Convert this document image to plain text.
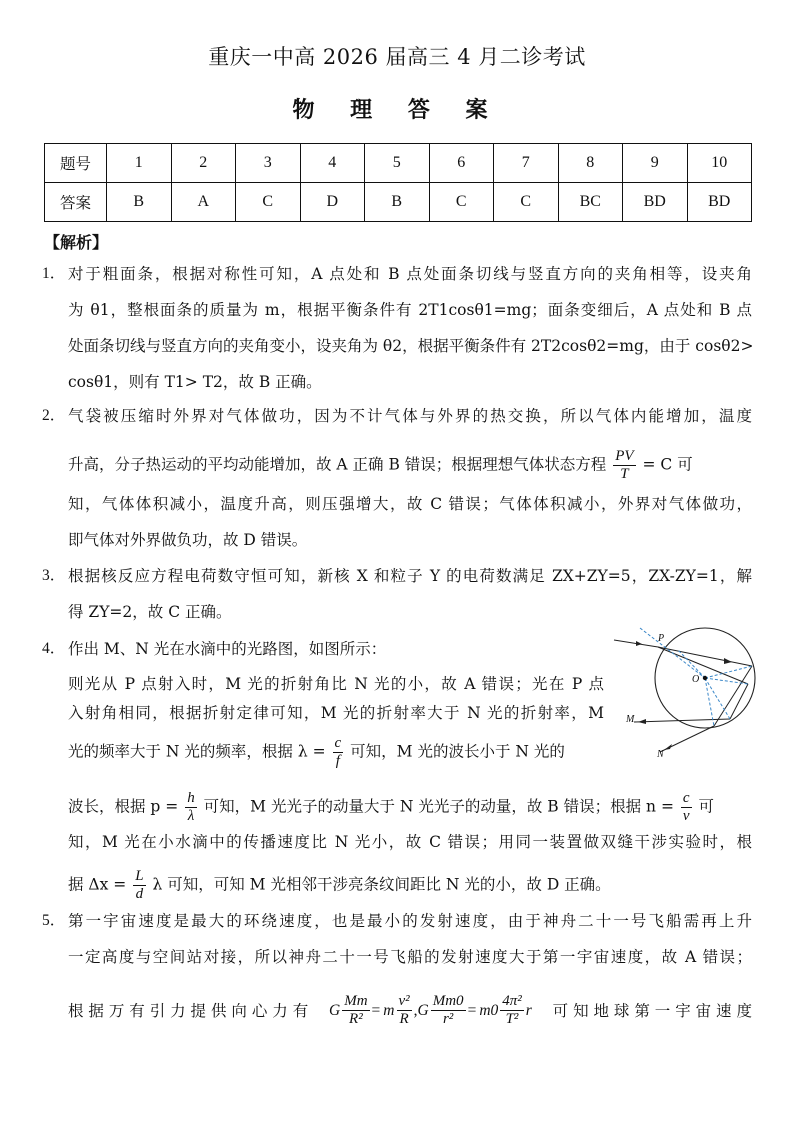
重庆一中高 2026 届高三 4 月二诊考试
物 理 答 案
题号	1	2	3	4	5	6	7	8	9	10
答案	B	A	C	D	B	C	C	BC	BD	BD
【解析】
1． 对于粗面条，根据对称性可知，A 点处和 B 点处面条切线与竖直方向的夹角相等，设夹角
为 θ1，整根面条的质量为 m，根据平衡条件有 2T1cosθ1=mg；面条变细后，A 点处和 B 点
处面条切线与竖直方向的夹角变小，设夹角为 θ2，根据平衡条件有 2T2cosθ2=mg，由于 cosθ2>
cosθ1，则有 T1> T2，故 B 正确。
2． 气袋被压缩时外界对气体做功，因为不计气体与外界的热交换，所以气体内能增加，温度
升高，分子热运动的平均动能增加，故 A 正确 B 错误；根据理想气体状态方程 $\frac{PV}{T} = C$ 可
知，气体体积减小，温度升高，则压强增大，故 C 错误；气体体积减小，外界对气体做功，
即气体对外界做负功，故 D 错误。
3． 根据核反应方程电荷数守恒可知，新核 X 和粒子 Y 的电荷数满足 ZX+ZY=5，ZX-ZY=1，解
得 ZY=2，故 C 正确。
4． 作出 M、N 光在水滴中的光路图，如图所示：
则光从 P 点射入时，M 光的折射角比 N 光的小，故 A 错误；光在 P 点
入射角相同，根据折射定律可知，M 光的折射率大于 N 光的折射率，M
光的频率大于 N 光的频率，根据 $\lambda = \frac{c}{f}$ 可知，M 光的波长小于 N 光的
波长，根据 $p = \frac{h}{\lambda}$ 可知，M 光光子的动量大于 N 光光子的动量，故 B 错误；根据 $n = \frac{c}{v}$ 可
知，M 光在小水滴中的传播速度比 N 光小，故 C 错误；用同一装置做双缝干涉实验时，根
据 $\Delta x = \frac{L}{d}$ λ 可知，可知 M 光相邻干涉亮条纹间距比 N 光的小，故 D 正确。
P
O
M
N
5． 第一宇宙速度是最大的环绕速度，也是最小的发射速度，由于神舟二十一号飞船需再上升
一定高度与空间站对接，所以神舟二十一号飞船的发射速度大于第一宇宙速度，故 A 错误；
根 据 万 有 引 力 提 供 向 心 力 有 G $\frac{Mm}{\text{R²}} = m \frac{\text{v²}}{R}$ , G $\frac{Mm0}{\text{r²}} = m0 \frac{\text{4π²}}{\text{T²}}$ r 可 知 地 球 第 一 宇 宙 速 度
